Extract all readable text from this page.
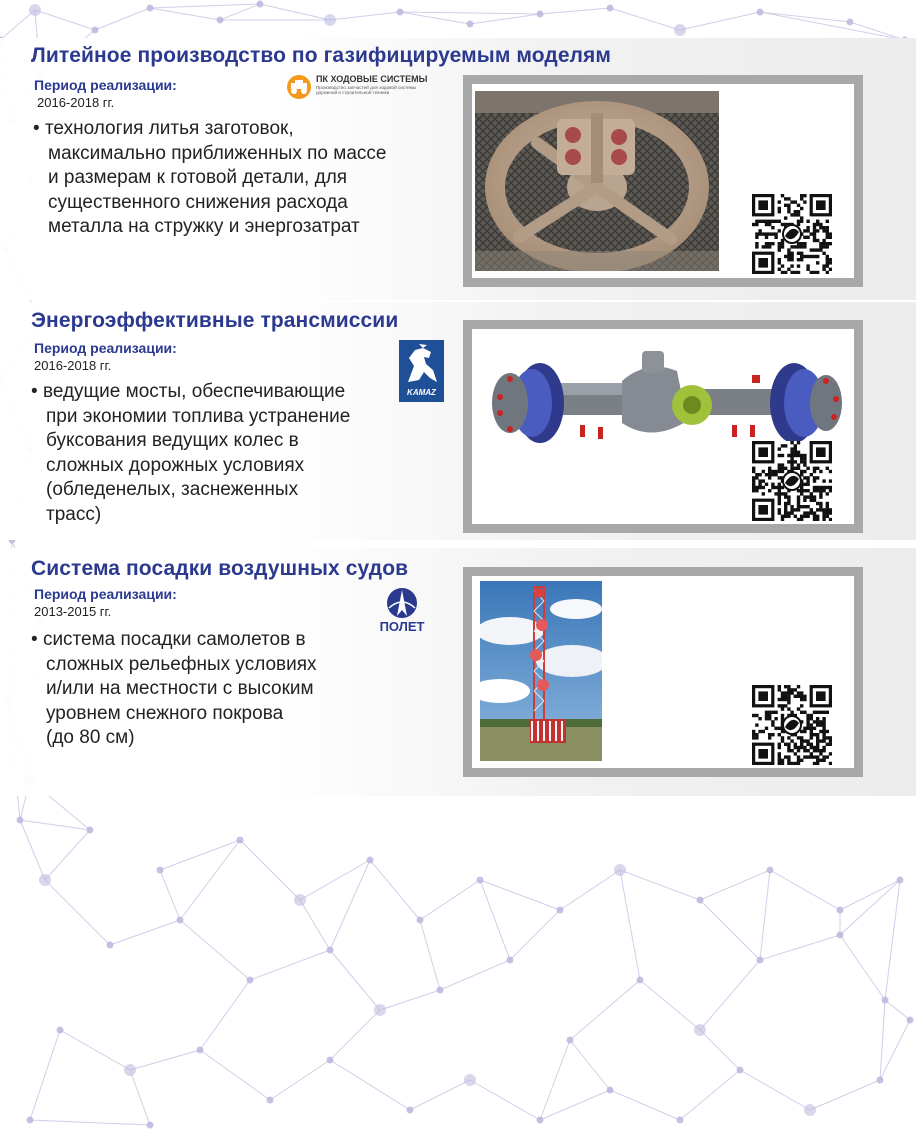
Литейное производство по газифицируемым моделям
Период реализации:
2016-2018 гг.
ПК ХОДОВЫЕ СИСТЕМЫ
Производство запчастей для ходовой системы дорожной и строительной техники
• технология литья заготовок,
максимально приближенных по массе
и размерам к готовой детали, для
существенного снижения расхода
металла на стружку и энергозатрат
Энергоэффективные трансмиссии
Период реализации:
2016-2018 гг.
KAMAZ
• ведущие мосты, обеспечивающие
при экономии топлива устранение
буксования ведущих колес в
сложных дорожных условиях
(обледенелых, заснеженных
трасс)
Система посадки воздушных судов
Период реализации:
2013-2015 гг.
ПОЛЕТ
• система посадки самолетов в
сложных рельефных условиях
и/или на местности с высоким
уровнем снежного покрова
(до 80 см)
